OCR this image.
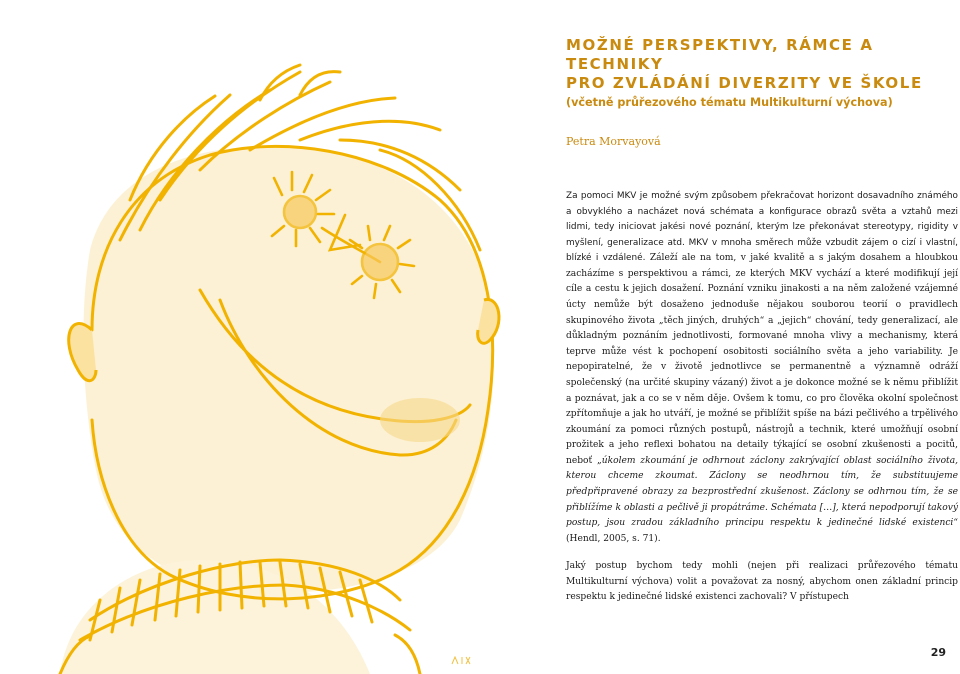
MOŽNÉ PERSPEKTIVY, RÁMCE A TECHNIKY
PRO ZVLÁDÁNÍ DIVERZITY VE ŠKOLE

(včetně průřezového tématu Multikulturní výchova)

Petra Morvayová

Za pomoci MKV je možné svým způsobem překračovat horizont dosavadního známého a obvyklého a nacházet nová schémata a konfigurace obrazů světa a vztahů mezi lidmi, tedy iniciovat jakési nové poznání, kterým lze překonávat stereotypy, rigidity v myšlení, generalizace atd. MKV v mnoha směrech může vzbudit zájem o cizí i vlastní, blízké i vzdálené. Záleží ale na tom, v jaké kvalitě a s jakým dosahem a hloubkou zacházíme s perspektivou a rámci, ze kterých MKV vychází a které modifikují její cíle a cestu k jejich dosažení. Poznání vzniku jinakosti a na něm založené vzájemné úcty nemůže být dosaženo jednoduše nějakou souborou teorií o pravidlech skupinového života „těch jiných, druhých“ a „jejich“ chování, tedy generalizací, ale důkladným poznáním jednotlivosti, formované mnoha vlivy a mechanismy, která teprve může vést k pochopení osobitosti sociálního světa a jeho variability. Je nepopiratelné, že v životě jednotlivce se permanentně a významně odráží společenský (na určité skupiny vázaný) život a je dokonce možné se k němu přiblížit a poznávat, jak a co se v něm děje. Ovšem k tomu, co pro člověka okolní společnost zpřítomňuje a jak ho utváří, je možné se přiblížit spíše na bázi pečlivého a trpělivého zkoumání za pomoci různých postupů, nástrojů a technik, které umožňují osobní prožitek a jeho reflexi bohatou na detaily týkající se osobní zkušenosti a pocitů, neboť „úkolem zkoumání je odhrnout záclony zakrývající oblast sociálního života, kterou chceme zkoumat. Záclony se neodhrnou tím, že substituujeme předpřipravené obrazy za bezprostřední zkušenost. Záclony se odhrnou tím, že se přiblížíme k oblasti a pečlivě ji propátráme. Schémata […], která nepodporují takový postup, jsou zradou základního principu respektu k jedinečné lidské existenci“ (Hendl, 2005, s. 71).

Jaký postup bychom tedy mohli (nejen při realizaci průřezového tématu Multikulturní výchova) volit a považovat za nosný, abychom onen základní princip respektu k jedinečné lidské existenci zachovali? V přístupech

29
